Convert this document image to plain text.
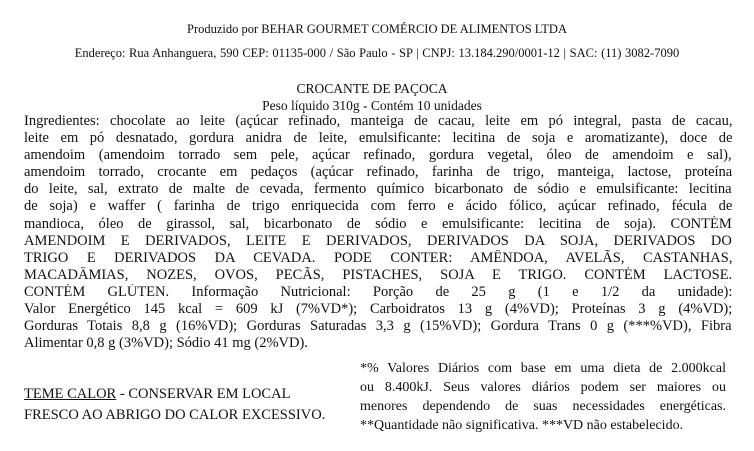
Produzido por BEHAR GOURMET COMÉRCIO DE ALIMENTOS LTDA
Endereço: Rua Anhanguera, 590 CEP: 01135-000 / São Paulo - SP | CNPJ: 13.184.290/0001-12 | SAC: (11) 3082-7090
CROCANTE DE PAÇOCA
Peso líquido 310g - Contém 10 unidades
Ingredientes: chocolate ao leite (açúcar refinado, manteiga de cacau, leite em pó integral, pasta de cacau,
leite em pó desnatado, gordura anidra de leite, emulsificante: lecitina de soja e aromatizante), doce de
amendoim (amendoim torrado sem pele, açúcar refinado, gordura vegetal, óleo de amendoim e sal),
amendoim torrado, crocante em pedaços (açúcar refinado, farinha de trigo, manteiga, lactose, proteína
do leite, sal, extrato de malte de cevada, fermento químico bicarbonato de sódio e emulsificante: lecitina
de soja) e waffer ( farinha de trigo enriquecida com ferro e ácido fólico, açúcar refinado, fécula de
mandioca, óleo de girassol, sal, bicarbonato de sódio e emulsificante: lecitina de soja). CONTÉM
AMENDOIM E DERIVADOS, LEITE E DERIVADOS, DERIVADOS DA SOJA, DERIVADOS DO
TRIGO E DERIVADOS DA CEVADA. PODE CONTER: AMÊNDOA, AVELÃS, CASTANHAS,
MACADÂMIAS, NOZES, OVOS, PECÃS, PISTACHES, SOJA E TRIGO. CONTÉM LACTOSE.
CONTÉM GLÚTEN. Informação Nutricional: Porção de 25 g (1 e 1/2 da unidade):
Valor Energético 145 kcal = 609 kJ (7%VD*); Carboidratos 13 g (4%VD); Proteínas 3 g (4%VD);
Gorduras Totais 8,8 g (16%VD); Gorduras Saturadas 3,3 g (15%VD); Gordura Trans 0 g (***%VD), Fibra
Alimentar 0,8 g (3%VD); Sódio 41 mg (2%VD).
TEME CALOR - CONSERVAR EM LOCAL
FRESCO AO ABRIGO DO CALOR EXCESSIVO.
*% Valores Diários com base em uma dieta de 2.000kcal
ou 8.400kJ. Seus valores diários podem ser maiores ou
menores dependendo de suas necessidades energéticas.
**Quantidade não significativa. ***VD não estabelecido.
